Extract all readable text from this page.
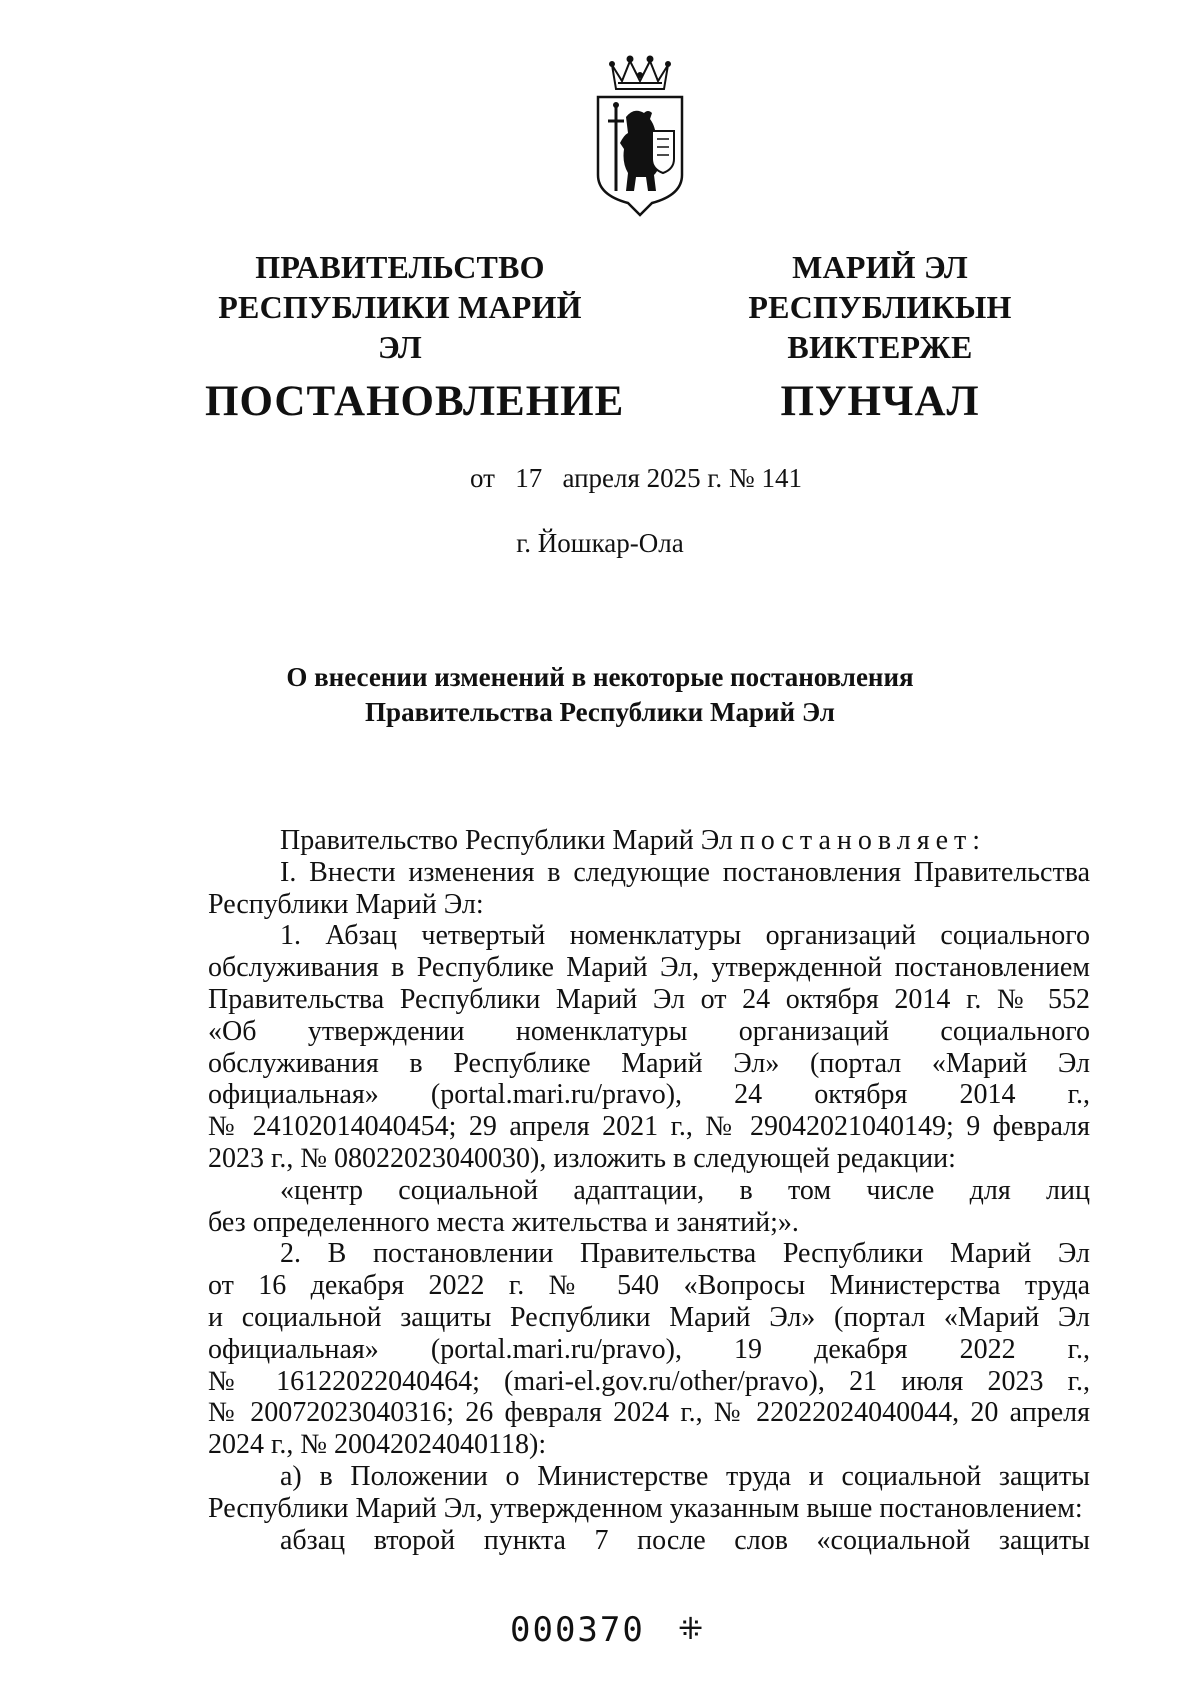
ПРАВИТЕЛЬСТВО
РЕСПУБЛИКИ МАРИЙ ЭЛ
ПОСТАНОВЛЕНИЕ
МАРИЙ ЭЛ РЕСПУБЛИКЫН
ВИКТЕРЖЕ
ПУНЧАЛ
от 17 апреля 2025 г. № 141
г. Йошкар-Ола
О внесении изменений в некоторые постановления
Правительства Республики Марий Эл

Правительство Республики Марий Эл постановляет:

I. Внести изменения в следующие постановления Правительства

Республики Марий Эл:

1. Абзац четвертый номенклатуры организаций социального

обслуживания в Республике Марий Эл, утвержденной постановлением

Правительства Республики Марий Эл от 24 октября 2014 г. № 552

«Об утверждении номенклатуры организаций социального

обслуживания в Республике Марий Эл» (портал «Марий Эл

официальная» (portal.mari.ru/pravo), 24 октября 2014 г.,

№ 24102014040454; 29 апреля 2021 г., № 29042021040149; 9 февраля

2023 г., № 08022023040030), изложить в следующей редакции:

«центр социальной адаптации, в том числе для лиц

без определенного места жительства и занятий;».

2. В постановлении Правительства Республики Марий Эл

от 16 декабря 2022 г. № 540 «Вопросы Министерства труда

и социальной защиты Республики Марий Эл» (портал «Марий Эл

официальная» (portal.mari.ru/pravo), 19 декабря 2022 г.,

№ 16122022040464; (mari-el.gov.ru/other/pravo), 21 июля 2023 г.,

№ 20072023040316; 26 февраля 2024 г., № 22022024040044, 20 апреля

2024 г., № 20042024040118):

а) в Положении о Министерстве труда и социальной защиты

Республики Марий Эл, утвержденном указанным выше постановлением:

абзац второй пункта 7 после слов «социальной защиты

000370 ⁜
